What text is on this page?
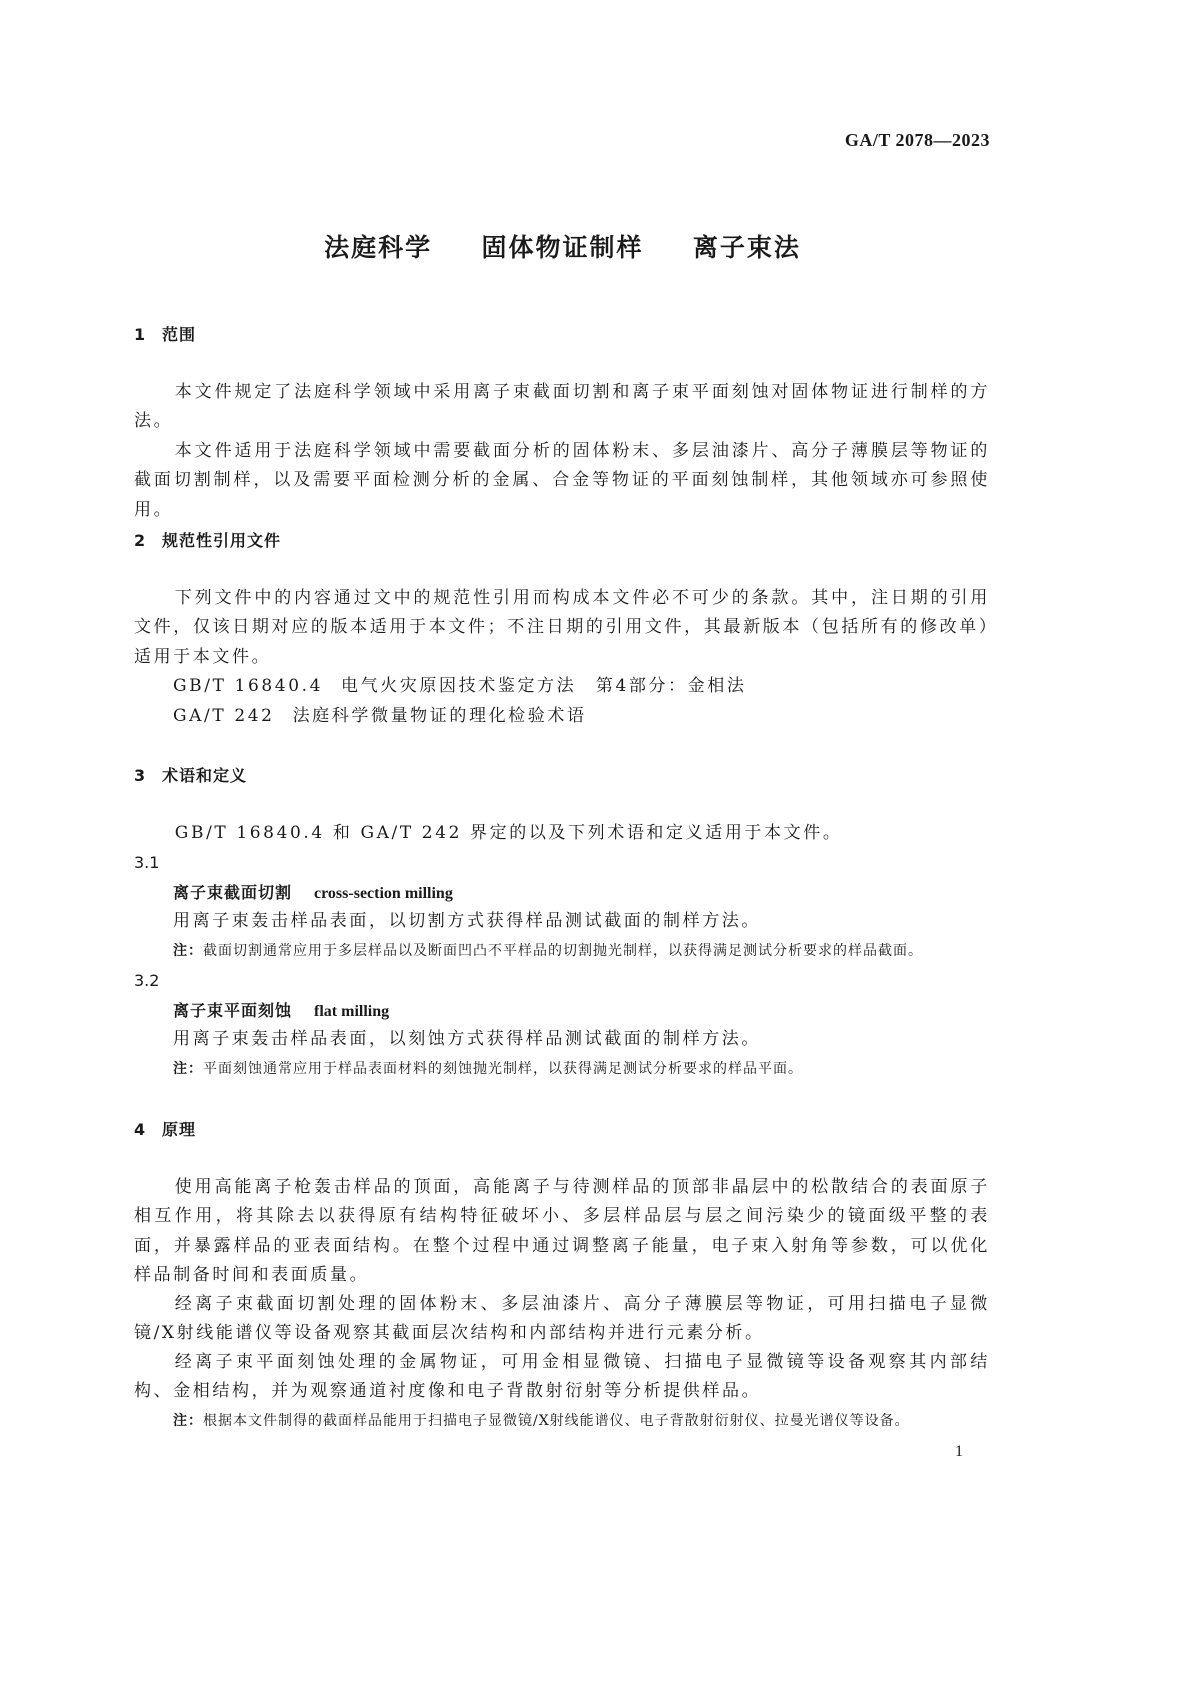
GA/T 2078—2023
法庭科学  固体物证制样  离子束法
1 范围
本文件规定了法庭科学领域中采用离子束截面切割和离子束平面刻蚀对固体物证进行制样的方法。
本文件适用于法庭科学领域中需要截面分析的固体粉末、多层油漆片、高分子薄膜层等物证的截面切割制样，以及需要平面检测分析的金属、合金等物证的平面刻蚀制样，其他领域亦可参照使用。
2 规范性引用文件
下列文件中的内容通过文中的规范性引用而构成本文件必不可少的条款。其中，注日期的引用文件，仅该日期对应的版本适用于本文件；不注日期的引用文件，其最新版本（包括所有的修改单）适用于本文件。
GB/T 16840.4 电气火灾原因技术鉴定方法　第4部分：金相法
GA/T 242 法庭科学微量物证的理化检验术语
3 术语和定义
GB/T 16840.4 和 GA/T 242 界定的以及下列术语和定义适用于本文件。
3.1
离子束截面切割 cross-section milling
用离子束轰击样品表面，以切割方式获得样品测试截面的制样方法。
注：截面切割通常应用于多层样品以及断面凹凸不平样品的切割抛光制样，以获得满足测试分析要求的样品截面。
3.2
离子束平面刻蚀 flat milling
用离子束轰击样品表面，以刻蚀方式获得样品测试截面的制样方法。
注：平面刻蚀通常应用于样品表面材料的刻蚀抛光制样，以获得满足测试分析要求的样品平面。
4 原理
使用高能离子枪轰击样品的顶面，高能离子与待测样品的顶部非晶层中的松散结合的表面原子相互作用，将其除去以获得原有结构特征破坏小、多层样品层与层之间污染少的镜面级平整的表面，并暴露样品的亚表面结构。在整个过程中通过调整离子能量，电子束入射角等参数，可以优化样品制备时间和表面质量。
经离子束截面切割处理的固体粉末、多层油漆片、高分子薄膜层等物证，可用扫描电子显微镜/X射线能谱仪等设备观察其截面层次结构和内部结构并进行元素分析。
经离子束平面刻蚀处理的金属物证，可用金相显微镜、扫描电子显微镜等设备观察其内部结构、金相结构，并为观察通道衬度像和电子背散射衍射等分析提供样品。
注：根据本文件制得的截面样品能用于扫描电子显微镜/X射线能谱仪、电子背散射衍射仪、拉曼光谱仪等设备。
1
